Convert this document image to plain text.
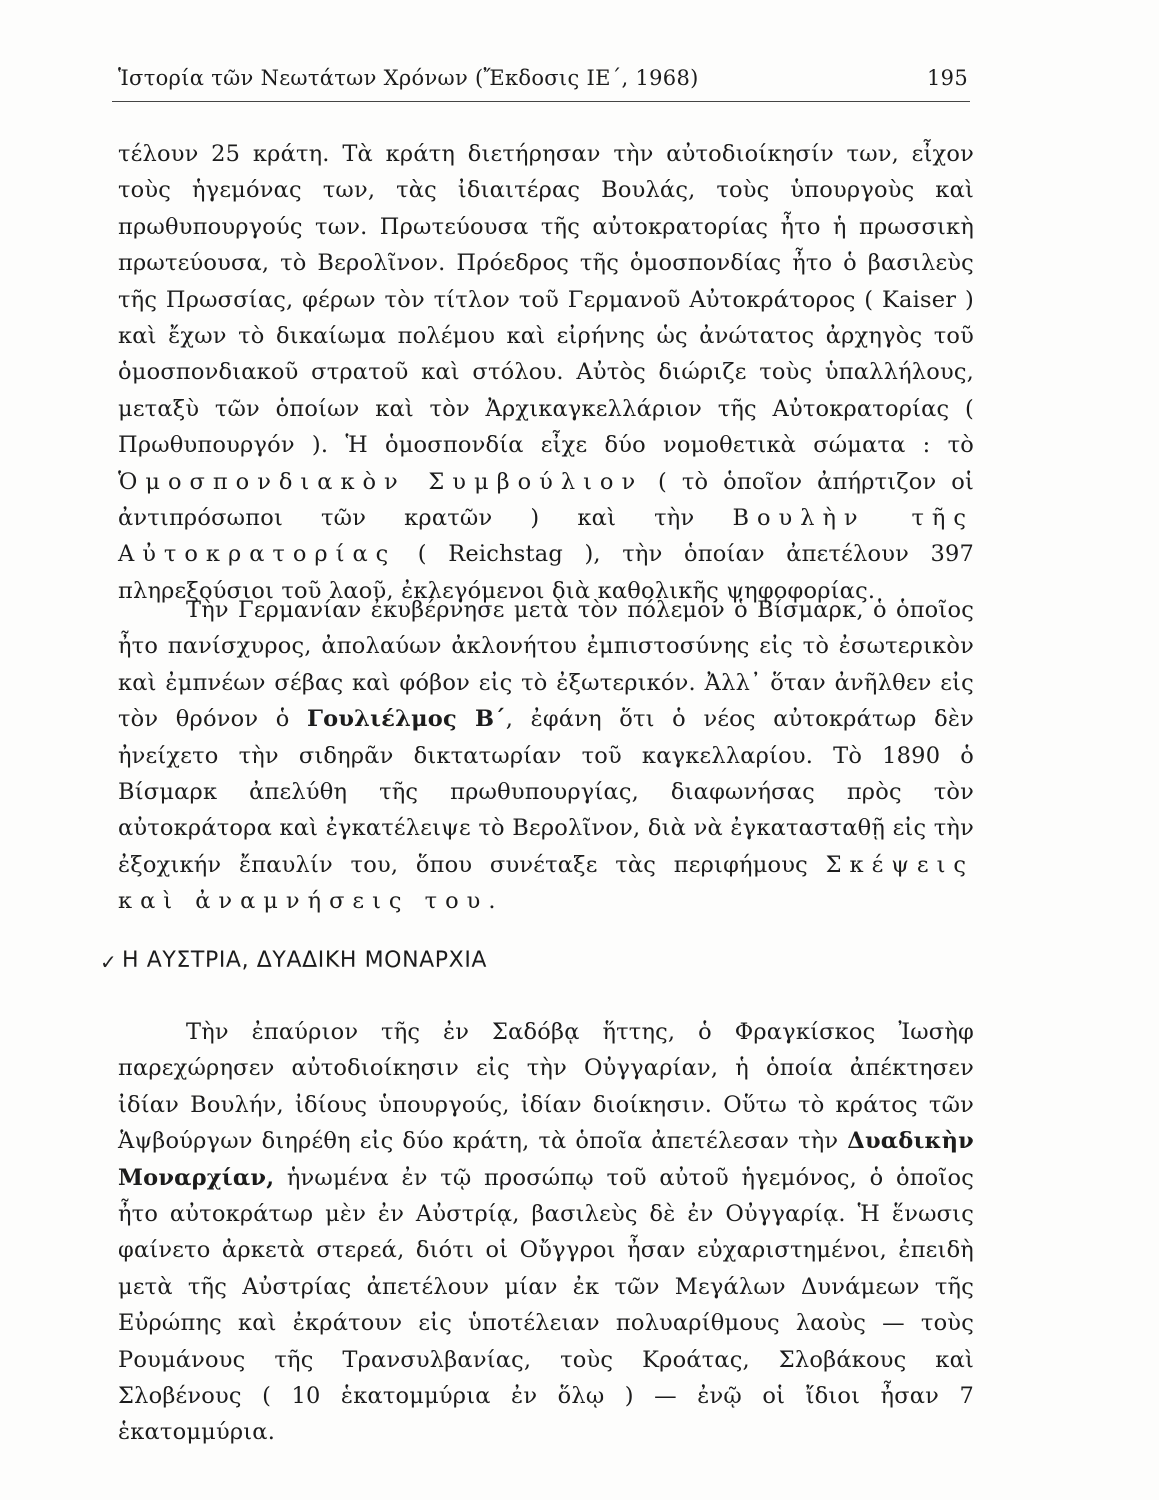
Ἱστορία τῶν Νεωτάτων Χρόνων (Ἔκδοσις ΙΕ΄, 1968)	195

τέλουν 25 κράτη. Τὰ κράτη διετήρησαν τὴν αὐτοδιοίκησίν των, εἶχον τοὺς ἡγεμόνας των, τὰς ἰδιαιτέρας Βουλάς, τοὺς ὑπουργοὺς καὶ πρωθυπουργούς των. Πρωτεύουσα τῆς αὐτοκρατορίας ἦτο ἡ πρωσσικὴ πρωτεύουσα, τὸ Βερολῖνον. Πρόεδρος τῆς ὁμοσπονδίας ἦτο ὁ βασιλεὺς τῆς Πρωσσίας, φέρων τὸν τίτλον τοῦ Γερμανοῦ Αὐτοκράτορος ( Kaiser ) καὶ ἔχων τὸ δικαίωμα πολέμου καὶ εἰρήνης ὡς ἀνώτατος ἀρχηγὸς τοῦ ὁμοσπονδιακοῦ στρατοῦ καὶ στόλου. Αὐτὸς διώριζε τοὺς ὑπαλλήλους, μεταξὺ τῶν ὁποίων καὶ τὸν Ἀρχικαγκελλάριον τῆς Αὐτοκρατορίας ( Πρωθυπουργόν ). Ἡ ὁμοσπονδία εἶχε δύο νομοθετικὰ σώματα : τὸ Ὁμοσπονδιακὸν Συμβούλιον ( τὸ ὁποῖον ἀπήρτιζον οἱ ἀντιπρόσωποι τῶν κρατῶν ) καὶ τὴν Βουλὴν τῆς Αὐτοκρατορίας ( Reichstag ), τὴν ὁποίαν ἀπετέλουν 397 πληρεξούσιοι τοῦ λαοῦ, ἐκλεγόμενοι διὰ καθολικῆς ψηφοφορίας.

Τὴν Γερμανίαν ἐκυβέρνησε μετὰ τὸν πόλεμον ὁ Βίσμαρκ, ὁ ὁποῖος ἦτο πανίσχυρος, ἀπολαύων ἀκλονήτου ἐμπιστοσύνης εἰς τὸ ἐσωτερικὸν καὶ ἐμπνέων σέβας καὶ φόβον εἰς τὸ ἐξωτερικόν. Ἀλλ᾽ ὅταν ἀνῆλθεν εἰς τὸν θρόνον ὁ Γουλιέλμος Β΄, ἐφάνη ὅτι ὁ νέος αὐτοκράτωρ δὲν ἠνείχετο τὴν σιδηρᾶν δικτατωρίαν τοῦ καγκελλαρίου. Τὸ 1890 ὁ Βίσμαρκ ἀπελύθη τῆς πρωθυπουργίας, διαφωνήσας πρὸς τὸν αὐτοκράτορα καὶ ἐγκατέλειψε τὸ Βερολῖνον, διὰ νὰ ἐγκατασταθῇ εἰς τὴν ἐξοχικήν ἔπαυλίν του, ὅπου συνέταξε τὰς περιφήμους Σκέψεις καὶ ἀναμνήσεις του.

✓ Η ΑΥΣΤΡΙΑ, ΔΥΑΔΙΚΗ ΜΟΝΑΡΧΙΑ

Τὴν ἐπαύριον τῆς ἐν Σαδόβᾳ ἥττης, ὁ Φραγκίσκος Ἰωσὴφ παρεχώρησεν αὐτοδιοίκησιν εἰς τὴν Οὐγγαρίαν, ἡ ὁποία ἀπέκτησεν ἰδίαν Βουλήν, ἰδίους ὑπουργούς, ἰδίαν διοίκησιν. Οὕτω τὸ κράτος τῶν Ἁψβούργων διηρέθη εἰς δύο κράτη, τὰ ὁποῖα ἀπετέλεσαν τὴν Δυαδικὴν Μοναρχίαν, ἡνωμένα ἐν τῷ προσώπῳ τοῦ αὐτοῦ ἡγεμόνος, ὁ ὁποῖος ἦτο αὐτοκράτωρ μὲν ἐν Αὐστρίᾳ, βασιλεὺς δὲ ἐν Οὐγγαρίᾳ. Ἡ ἕνωσις φαίνετο ἀρκετὰ στερεά, διότι οἱ Οὔγγροι ἦσαν εὐχαριστημένοι, ἐπειδὴ μετὰ τῆς Αὐστρίας ἀπετέλουν μίαν ἐκ τῶν Μεγάλων Δυνάμεων τῆς Εὐρώπης καὶ ἐκράτουν εἰς ὑποτέλειαν πολυαρίθμους λαοὺς — τοὺς Ρουμάνους τῆς Τρανσυλβανίας, τοὺς Κροάτας, Σλοβάκους καὶ Σλοβένους ( 10 ἑκατομμύρια ἐν ὅλῳ ) — ἐνῷ οἱ ἴδιοι ἦσαν 7 ἑκατομμύρια.
